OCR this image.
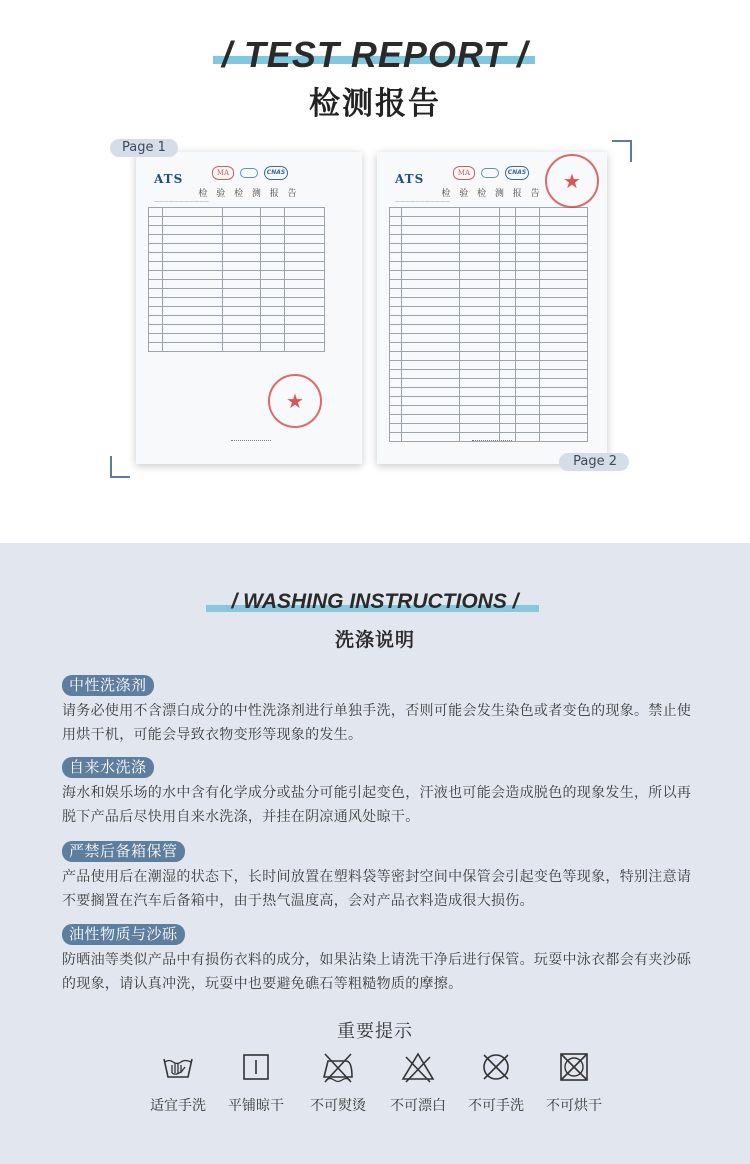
/ TEST REPORT /
检测报告
ATS	MA	CNAS
检 验 检 测 报 告
———————————

★
ATS	MA	CNAS
检 验 检 测 报 告
———————————

★
Page 1
Page 2
/ WASHING INSTRUCTIONS /
洗涤说明
中性洗涤剂

请务必使用不含漂白成分的中性洗涤剂进行单独手洗，否则可能会发生染色或者变色的现象。禁止使用烘干机，可能会导致衣物变形等现象的发生。

自来水洗涤

海水和娱乐场的水中含有化学成分或盐分可能引起变色，汗液也可能会造成脱色的现象发生，所以再脱下产品后尽快用自来水洗涤，并挂在阴凉通风处晾干。

严禁后备箱保管

产品使用后在潮湿的状态下，长时间放置在塑料袋等密封空间中保管会引起变色等现象，特别注意请不要搁置在汽车后备箱中，由于热气温度高，会对产品衣料造成很大损伤。

油性物质与沙砾

防晒油等类似产品中有损伤衣料的成分，如果沾染上请洗干净后进行保管。玩耍中泳衣都会有夹沙砾的现象，请认真冲洗，玩耍中也要避免礁石等粗糙物质的摩擦。

重要提示
适宜手洗	平铺晾干	不可熨烫	不可漂白	不可手洗	不可烘干
